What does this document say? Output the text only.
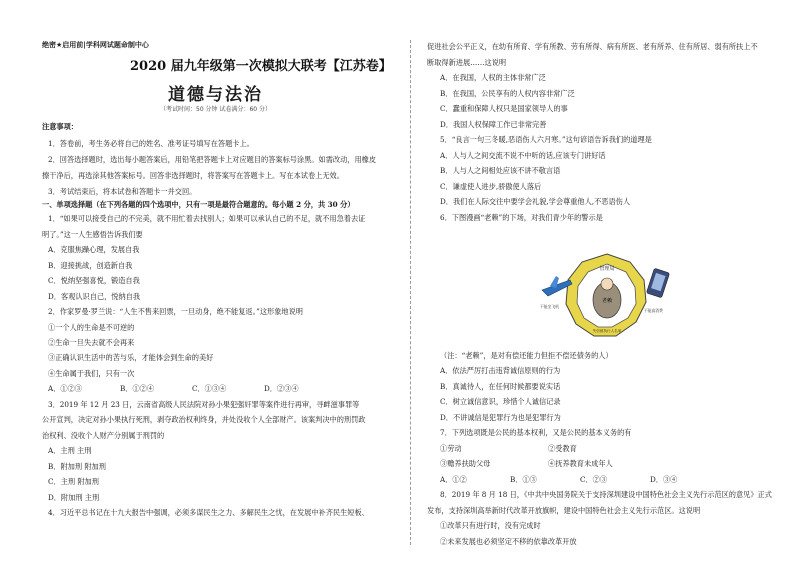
绝密★启用前|学科网试题命制中心
2020 届九年级第一次模拟大联考【江苏卷】
道德与法治
（考试时间：50 分钟 试卷满分：60 分）
注意事项：
1．答卷前，考生务必将自己的姓名、准考证号填写在答题卡上。
2．回答选择题时，选出每小题答案后，用铅笔把答题卡上对应题目的答案标号涂黑。如需改动，用橡皮
擦干净后，再选涂其他答案标号。回答非选择题时，将答案写在答题卡上。写在本试卷上无效。
3．考试结束后，将本试卷和答题卡一并交回。
一、单项选择题（在下列各题的四个选项中，只有一项是最符合题意的。每小题 2 分，共 30 分）
1．“如果可以接受自己的不完美，就不用忙着去找别人；如果可以承认自己的不足，就不用急着去证
明了。”这一人生感悟告诉我们要
A．克服焦躁心理，发展自我
B．迎接挑战，创造新自我
C．悦纳坚强喜悦，锻造自我
D．客观认识自己，悦纳自我
2．作家罗曼·罗兰说：“人生不售来回票，一旦动身，绝不能复返。”这形象地说明
①一个人的生命是不可逆的
②生命一旦失去就不会再来
③正确认识生活中的苦与乐，才能体会到生命的美好
④生命属于我们，只有一次
A．①②③	B．①②④	C．①③④	D．②③④
3．2019 年 12 月 23 日，云南省高级人民法院对孙小果犯强奸罪等案件进行再审，寻衅滋事罪等
公开宣判，决定对孙小果执行死刑，剥夺政治权利终身，并处没收个人全部财产。该案判决中的刑罚政
治权利、没收个人财产分别属于刑罚的
A．主刑 主刑
B．附加刑 附加刑
C．主刑 附加刑
D．附加刑 主刑
4．习近平总书记在十九大报告中强调，必须多谋民生之力、多解民生之忧，在发展中补齐民生短板、
促进社会公平正义，在幼有所育、学有所教、劳有所得、病有所医、老有所养、住有所居、弱有所扶上不
断取得新进展……这说明
A．在我国，人权的主体非常广泛
B．在我国，公民享有的人权内容非常广泛
C．蠢重和保障人权只是国家领导人的事
D．我国人权保障工作已非常完善
5．“良言一句三冬暖,恶语伤人六月寒。”这句谚语告诉我们的道理是
A．人与人之间交流不说不中听的话,应该专门讲好话
B．人与人之间相处应该不讲不敬言语
C．谦虚使人进步,骄傲使人落后
D．我们在人际交往中要学会礼貌,学会尊重他人,不恶语伤人
6．下图漫画“老赖”的下场，对我们青少年的警示是
管理局
老赖
失信被执行人名单
不能坐飞机
不能高消费
（注：“老赖”，是对有偿还能力但拒不偿还债务的人）
A．依法严厉打击违背诚信原则的行为
B．真诚待人，在任何时候都要说实话
C．树立诚信意识，珍惜个人诚信记录
D．不讲诚信是犯罪行为也是犯罪行为
7．下列选项既是公民的基本权利，又是公民的基本义务的有
①劳动	②受教育
③赡养扶助父母	④抚养教育未成年人
A．①②	B．①③	C．②③	D．③④
8．2019 年 8 月 18 日，《中共中央国务院关于支持深圳建设中国特色社会主义先行示范区的意见》正式
发布，支持深圳高举新时代改革开放旗帜，建设中国特色社会主义先行示范区。这说明
①改革只有进行时，没有完成时
②未来发展也必须坚定不移的依靠改革开放
